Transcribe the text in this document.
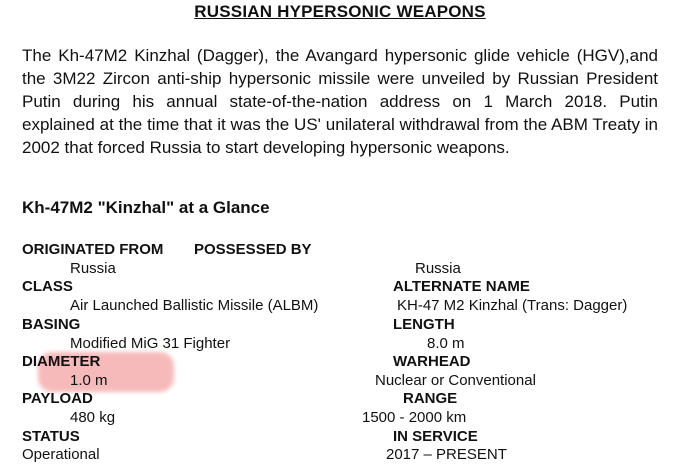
RUSSIAN HYPERSONIC WEAPONS

The Kh-47M2 Kinzhal (Dagger), the Avangard hypersonic glide vehicle (HGV),and the 3M22 Zircon anti-ship hypersonic missile were unveiled by Russian President Putin during his annual state-of-the-nation address on 1 March 2018. Putin explained at the time that it was the US' unilateral withdrawal from the ABM Treaty in 2002 that forced Russia to start developing hypersonic weapons.

Kh-47M2 "Kinzhal" at a Glance

ORIGINATED FROM POSSESSED BY
Russia	Russia
CLASS	ALTERNATE NAME
Air Launched Ballistic Missile (ALBM)	KH-47 M2 Kinzhal (Trans: Dagger)
BASING	LENGTH
Modified MiG 31 Fighter	8.0 m
DIAMETER	WARHEAD
1.0 m	Nuclear or Conventional
PAYLOAD	RANGE
480 kg	1500 - 2000 km
STATUS	IN SERVICE
Operational	2017 – PRESENT
